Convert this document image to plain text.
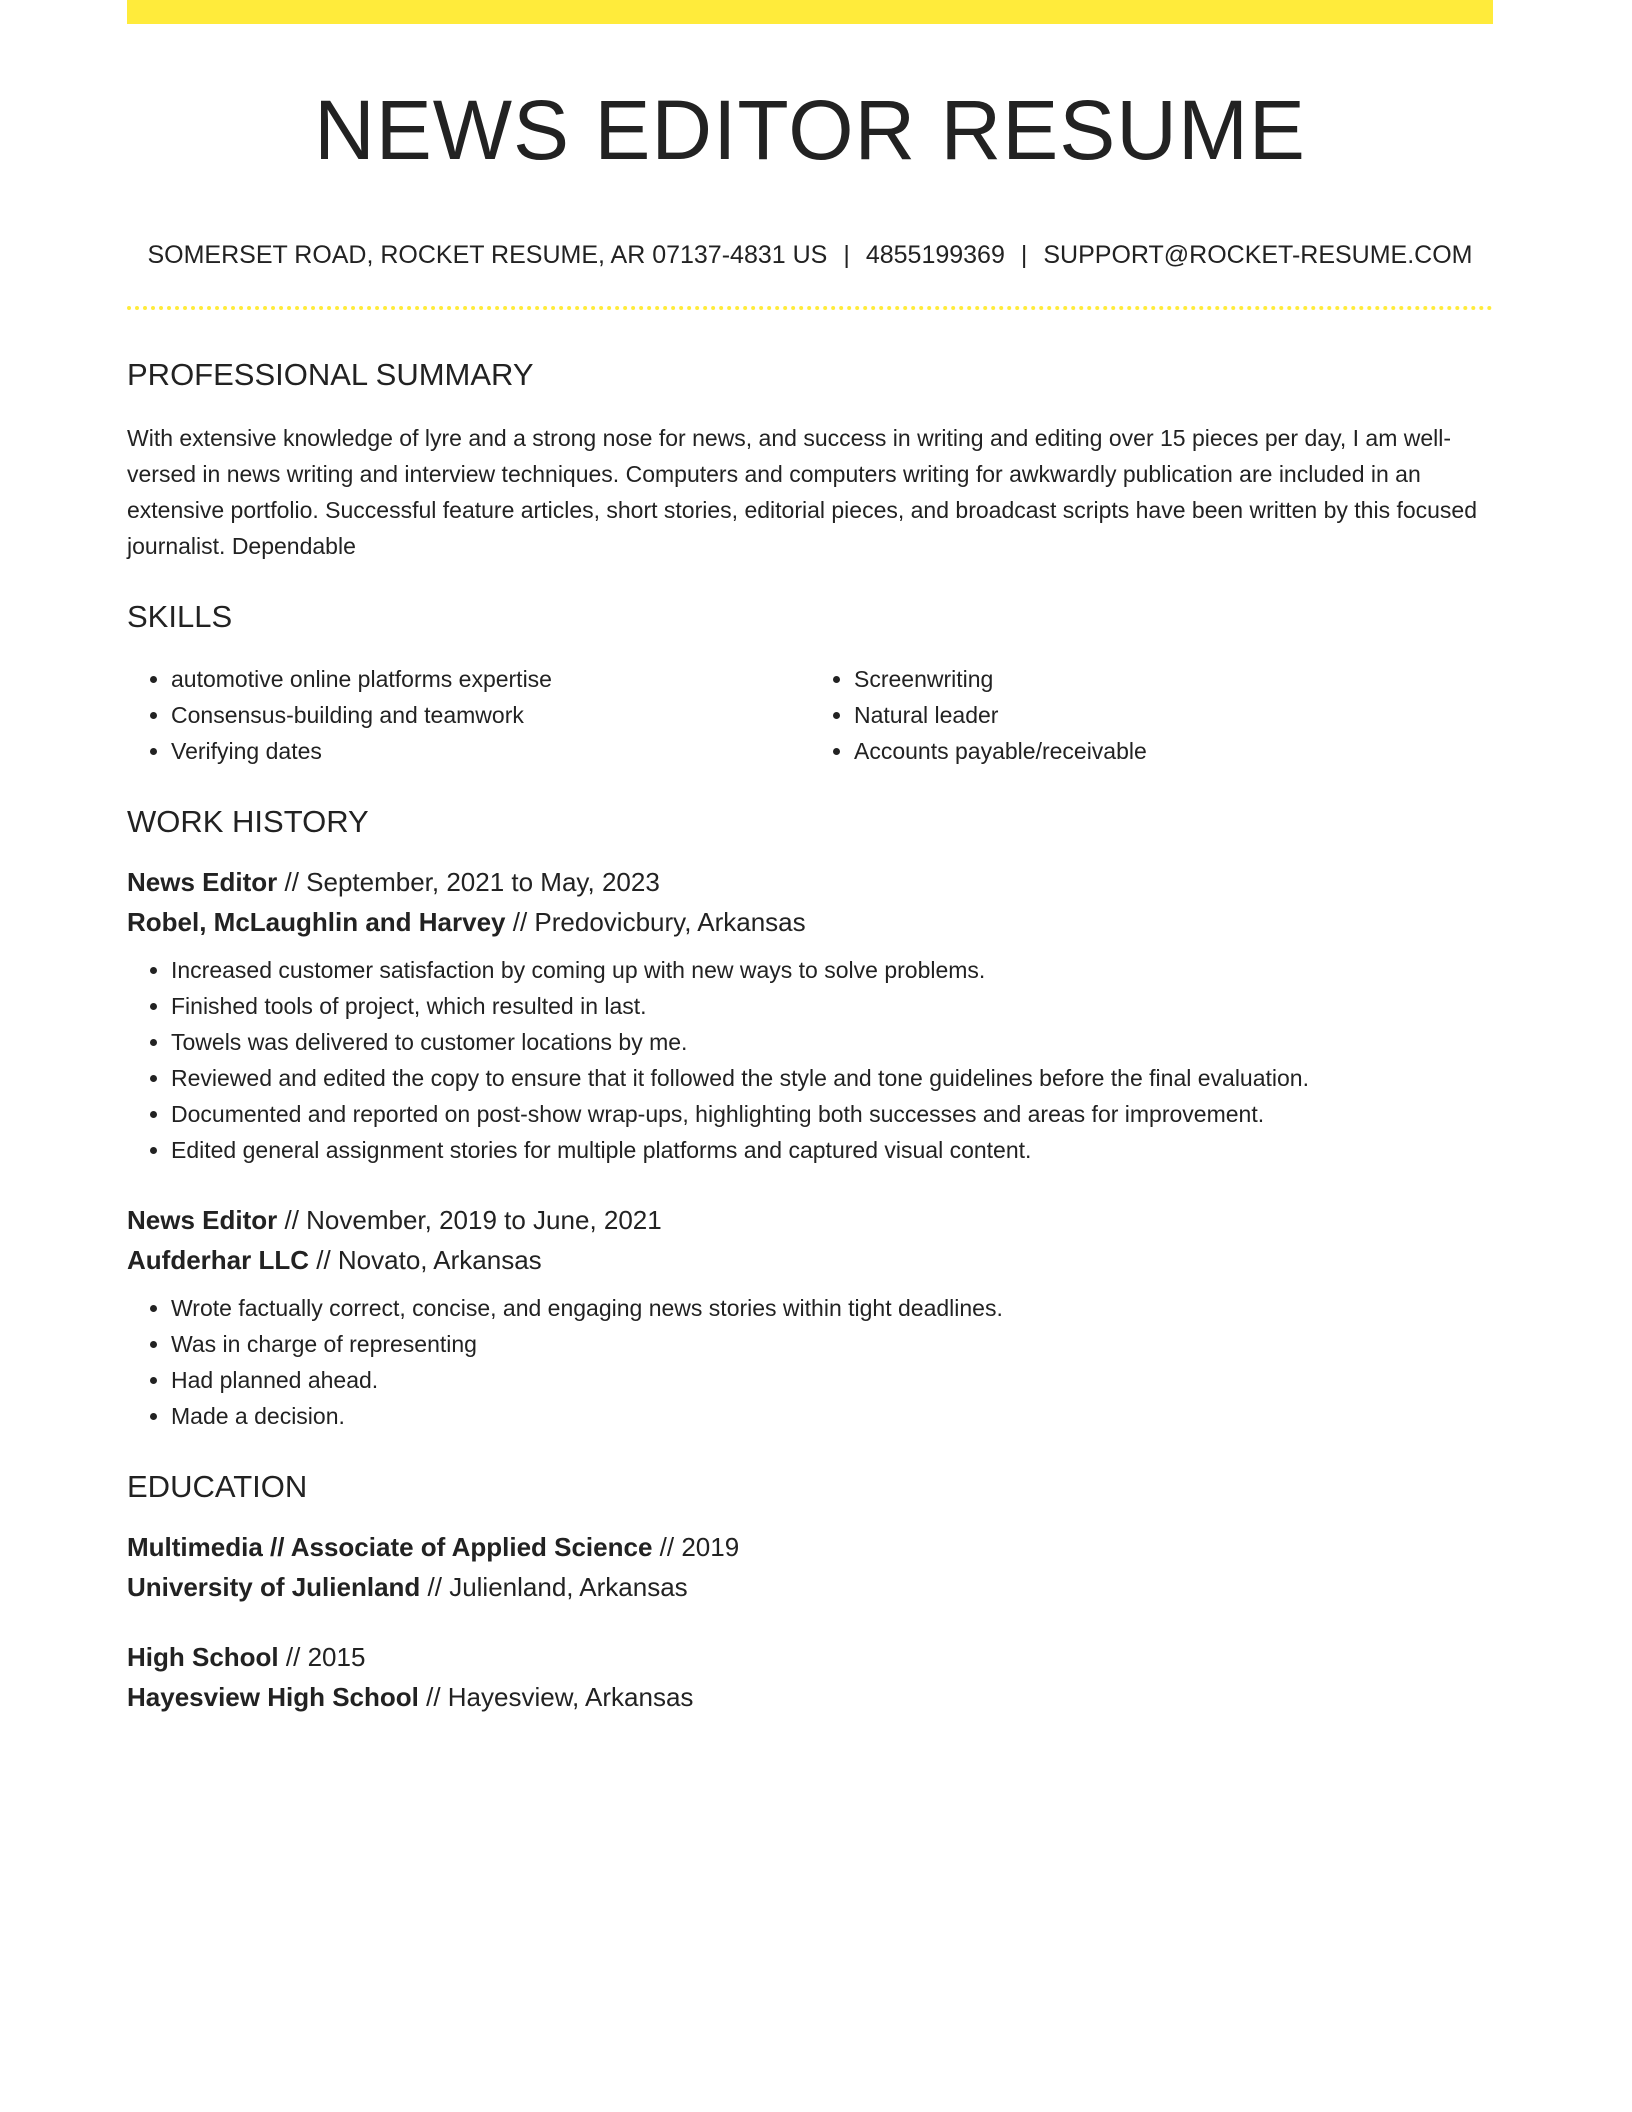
NEWS EDITOR RESUME
SOMERSET ROAD, ROCKET RESUME, AR 07137-4831 US | 4855199369 | SUPPORT@ROCKET-RESUME.COM
PROFESSIONAL SUMMARY
With extensive knowledge of lyre and a strong nose for news, and success in writing and editing over 15 pieces per day, I am well-versed in news writing and interview techniques. Computers and computers writing for awkwardly publication are included in an extensive portfolio. Successful feature articles, short stories, editorial pieces, and broadcast scripts have been written by this focused journalist. Dependable
SKILLS
• automotive online platforms expertise
• Consensus-building and teamwork
• Verifying dates
• Screenwriting
• Natural leader
• Accounts payable/receivable
WORK HISTORY
News Editor // September, 2021 to May, 2023
Robel, McLaughlin and Harvey // Predovicbury, Arkansas
• Increased customer satisfaction by coming up with new ways to solve problems.
• Finished tools of project, which resulted in last.
• Towels was delivered to customer locations by me.
• Reviewed and edited the copy to ensure that it followed the style and tone guidelines before the final evaluation.
• Documented and reported on post-show wrap-ups, highlighting both successes and areas for improvement.
• Edited general assignment stories for multiple platforms and captured visual content.
News Editor // November, 2019 to June, 2021
Aufderhar LLC // Novato, Arkansas
• Wrote factually correct, concise, and engaging news stories within tight deadlines.
• Was in charge of representing
• Had planned ahead.
• Made a decision.
EDUCATION
Multimedia // Associate of Applied Science // 2019
University of Julienland // Julienland, Arkansas
High School // 2015
Hayesview High School // Hayesview, Arkansas
